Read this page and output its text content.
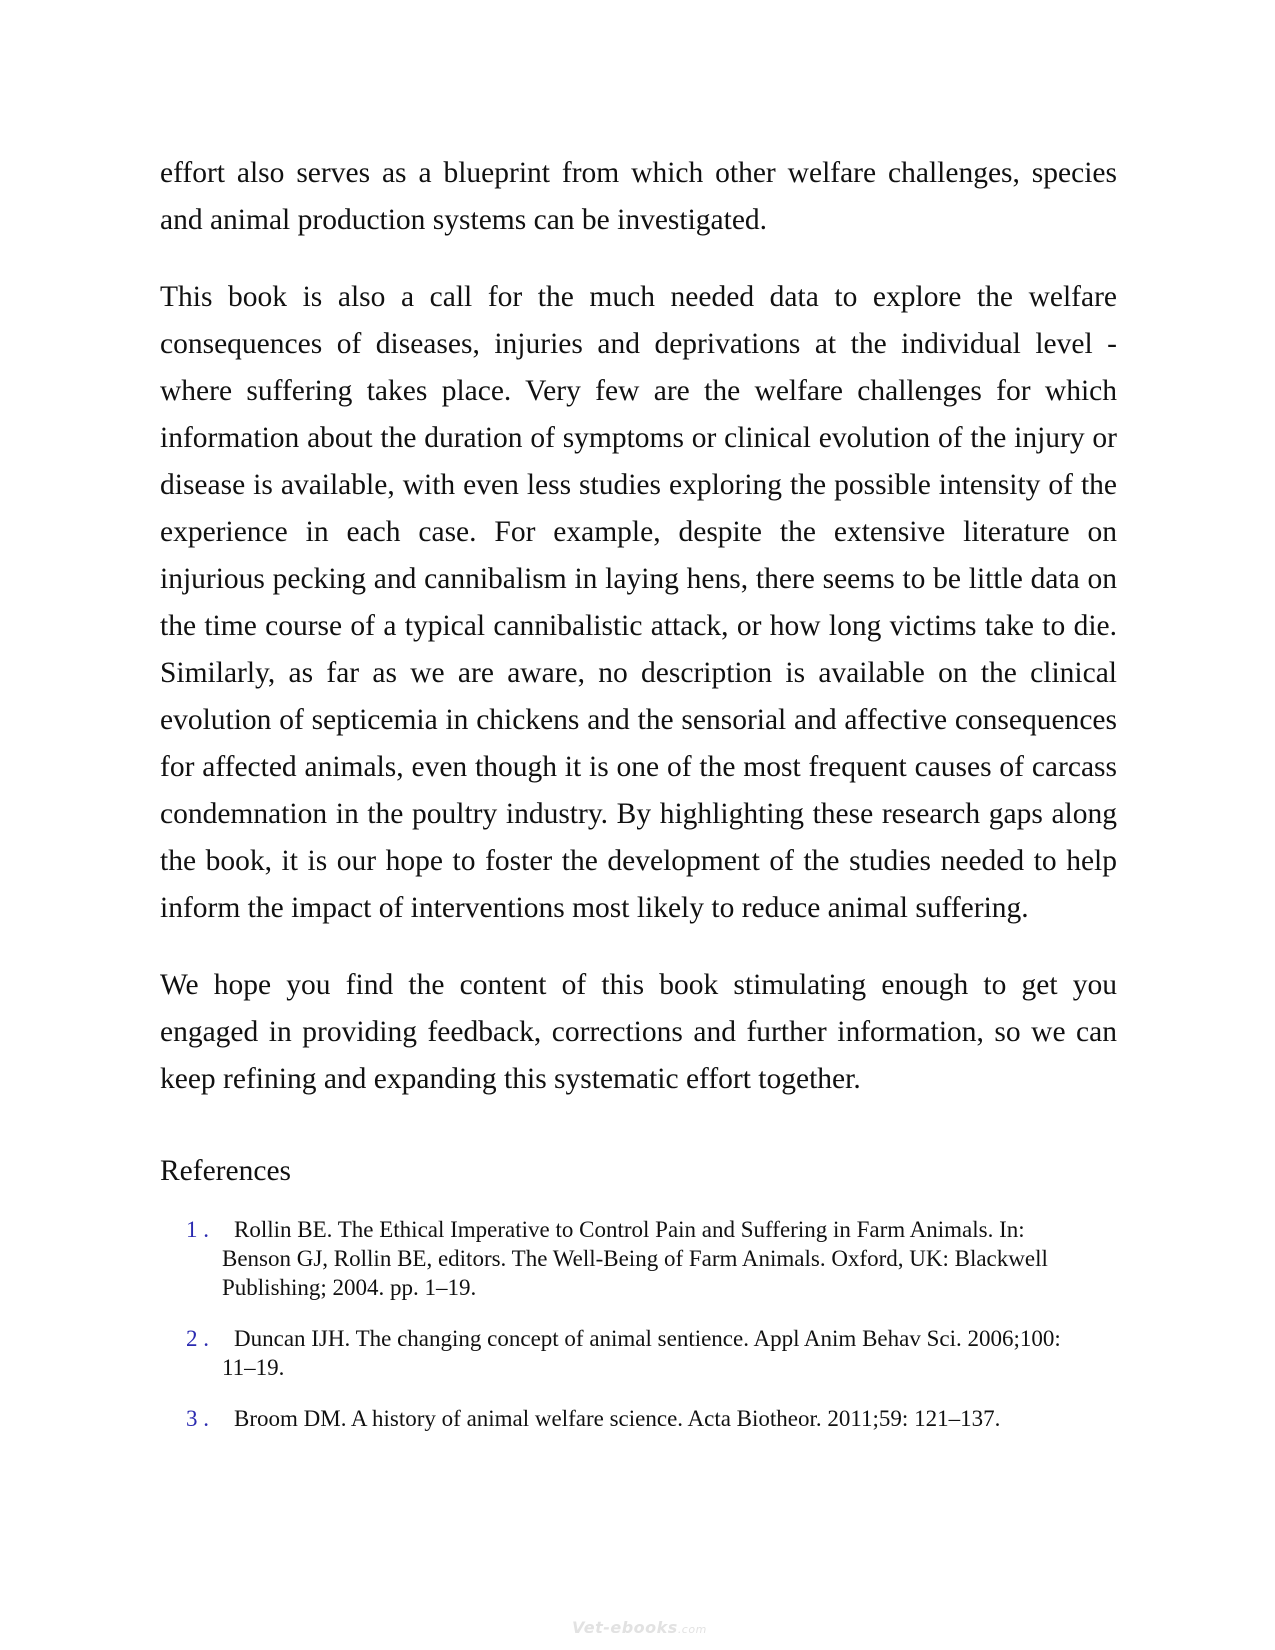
effort also serves as a blueprint from which other welfare challenges, species and animal production systems can be investigated.

This book is also a call for the much needed data to explore the welfare consequences of diseases, injuries and deprivations at the individual level - where suffering takes place. Very few are the welfare challenges for which information about the duration of symptoms or clinical evolution of the injury or disease is available, with even less studies exploring the possible intensity of the experience in each case. For example, despite the extensive literature on injurious pecking and cannibalism in laying hens, there seems to be little data on the time course of a typical cannibalistic attack, or how long victims take to die. Similarly, as far as we are aware, no description is available on the clinical evolution of septicemia in chickens and the sensorial and affective consequences for affected animals, even though it is one of the most frequent causes of carcass condemnation in the poultry industry. By highlighting these research gaps along the book, it is our hope to foster the development of the studies needed to help inform the impact of interventions most likely to reduce animal suffering.

We hope you find the content of this book stimulating enough to get you engaged in providing feedback, corrections and further information, so we can keep refining and expanding this systematic effort together.

References
1 .	Rollin BE. The Ethical Imperative to Control Pain and Suffering in Farm Animals. In: Benson GJ, Rollin BE, editors. The Well-Being of Farm Animals. Oxford, UK: Blackwell Publishing; 2004. pp. 1–19.
2 .	Duncan IJH. The changing concept of animal sentience. Appl Anim Behav Sci. 2006;100: 11–19.
3 .	Broom DM. A history of animal welfare science. Acta Biotheor. 2011;59: 121–137.
Vet-ebooks.com
